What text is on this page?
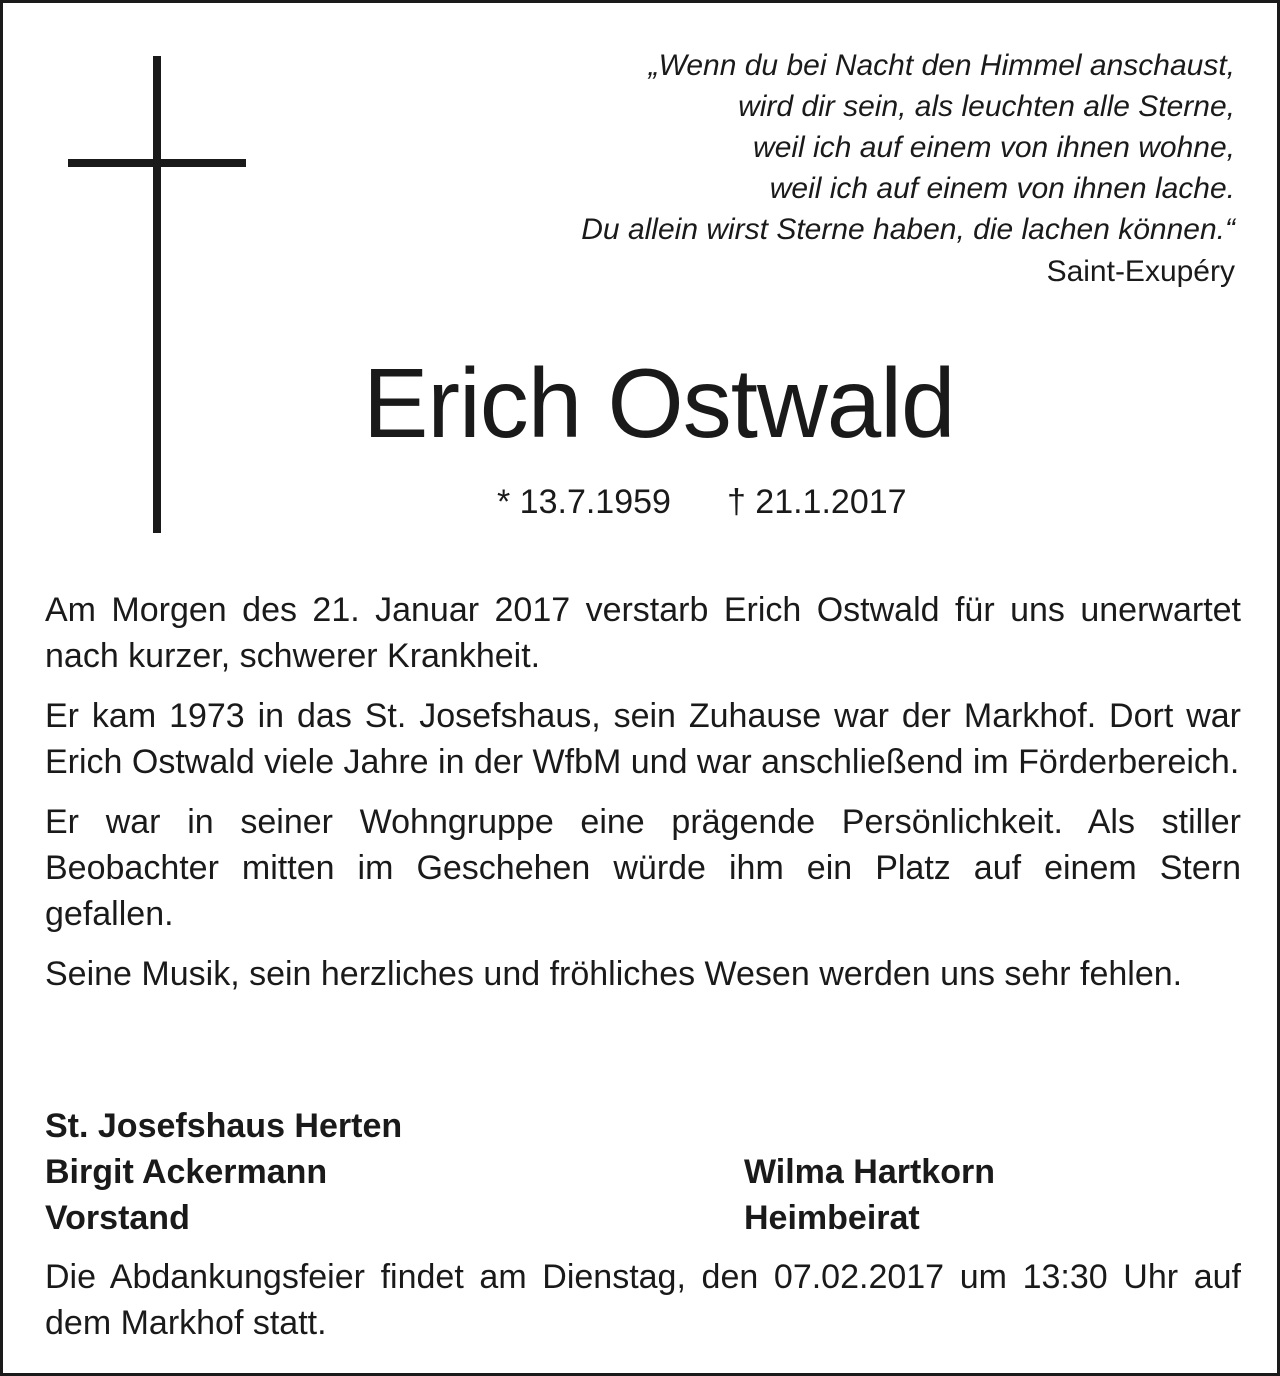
„Wenn du bei Nacht den Himmel anschaust,
wird dir sein, als leuchten alle Sterne,
weil ich auf einem von ihnen wohne,
weil ich auf einem von ihnen lache.
Du allein wirst Sterne haben, die lachen können.“
Saint-Exupéry
Erich Ostwald
* 13.7.1959 † 21.1.2017

Am Morgen des 21. Januar 2017 verstarb Erich Ostwald für uns unerwartet nach kurzer, schwerer Krankheit.

Er kam 1973 in das St. Josefshaus, sein Zuhause war der Markhof. Dort war Erich Ostwald viele Jahre in der WfbM und war anschließend im Förderbereich.

Er war in seiner Wohngruppe eine prägende Persönlichkeit. Als stiller Beobachter mitten im Geschehen würde ihm ein Platz auf einem Stern gefallen.

Seine Musik, sein herzliches und fröhliches Wesen werden uns sehr fehlen.

St. Josefshaus Herten
Birgit Ackermann
Vorstand
Wilma Hartkorn
Heimbeirat

Die Abdankungsfeier findet am Dienstag, den 07.02.2017 um 13:30 Uhr auf dem Markhof statt.
